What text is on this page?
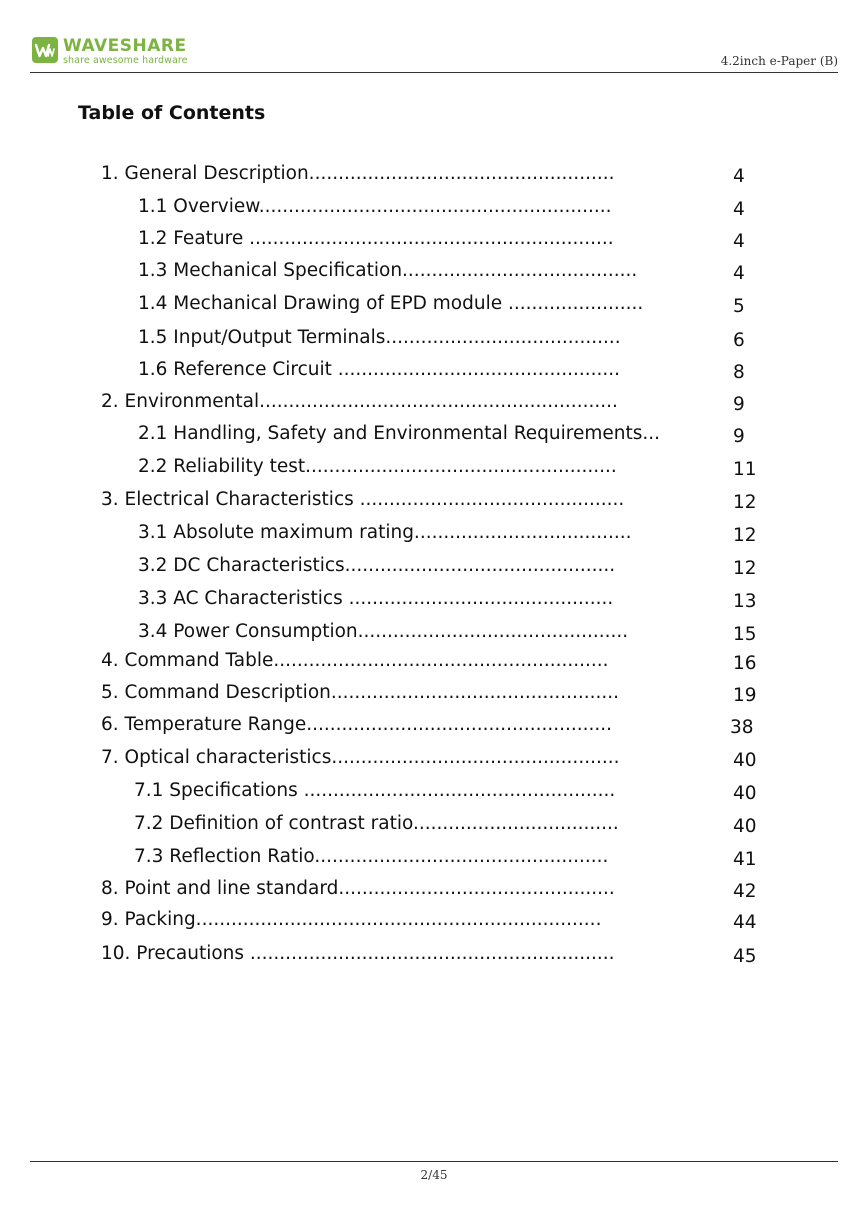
WAVESHARE
share awesome hardware	4.2inch e-Paper (B)
Table of Contents
1. General Description....................................................	4
1.1 Overview............................................................	4
1.2 Feature ..............................................................	4
1.3 Mechanical Specification........................................	4
1.4 Mechanical Drawing of EPD module .......................	5
1.5 Input/Output Terminals........................................	6
1.6 Reference Circuit ................................................	8
2. Environmental.............................................................	9
2.1 Handling, Safety and Environmental Requirements...	9
2.2 Reliability test.....................................................	11
3. Electrical Characteristics .............................................	12
3.1 Absolute maximum rating.....................................	12
3.2 DC Characteristics..............................................	12
3.3 AC Characteristics .............................................	13
3.4 Power Consumption..............................................	15
4. Command Table.........................................................	16
5. Command Description.................................................	19
6. Temperature Range....................................................	38
7. Optical characteristics.................................................	40
7.1 Specifications .....................................................	40
7.2 Definition of contrast ratio...................................	40
7.3 Reflection Ratio..................................................	41
8. Point and line standard...............................................	42
9. Packing.....................................................................	44
10. Precautions ..............................................................	45
2/45
